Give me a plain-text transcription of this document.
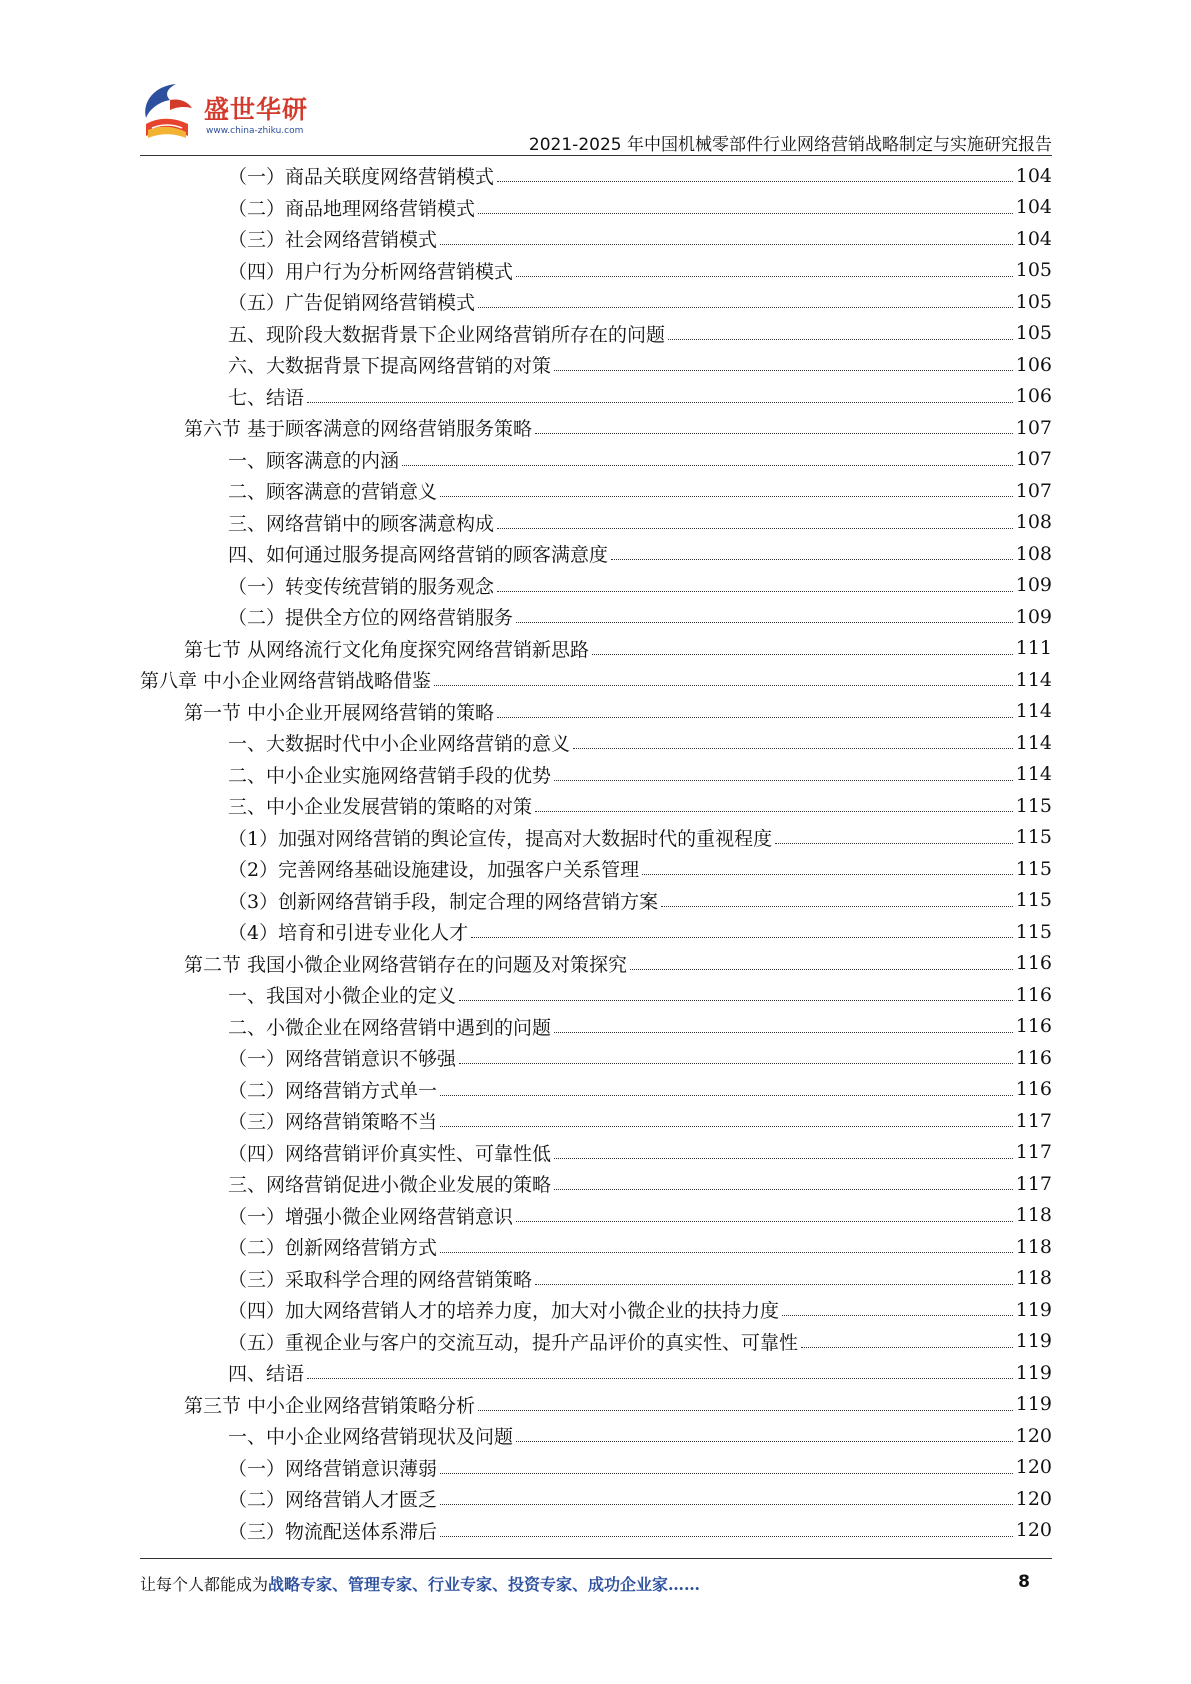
盛世华研
www.china-zhiku.com
2021-2025 年中国机械零部件行业网络营销战略制定与实施研究报告
（一）商品关联度网络营销模式	104
（二）商品地理网络营销模式	104
（三）社会网络营销模式	104
（四）用户行为分析网络营销模式	105
（五）广告促销网络营销模式	105
五、现阶段大数据背景下企业网络营销所存在的问题	105
六、大数据背景下提高网络营销的对策	106
七、结语	106
第六节 基于顾客满意的网络营销服务策略	107
一、顾客满意的内涵	107
二、顾客满意的营销意义	107
三、网络营销中的顾客满意构成	108
四、如何通过服务提高网络营销的顾客满意度	108
（一）转变传统营销的服务观念	109
（二）提供全方位的网络营销服务	109
第七节 从网络流行文化角度探究网络营销新思路	111
第八章 中小企业网络营销战略借鉴	114
第一节 中小企业开展网络营销的策略	114
一、大数据时代中小企业网络营销的意义	114
二、中小企业实施网络营销手段的优势	114
三、中小企业发展营销的策略的对策	115
（1）加强对网络营销的舆论宣传，提高对大数据时代的重视程度	115
（2）完善网络基础设施建设，加强客户关系管理	115
（3）创新网络营销手段，制定合理的网络营销方案	115
（4）培育和引进专业化人才	115
第二节 我国小微企业网络营销存在的问题及对策探究	116
一、我国对小微企业的定义	116
二、小微企业在网络营销中遇到的问题	116
（一）网络营销意识不够强	116
（二）网络营销方式单一	116
（三）网络营销策略不当	117
（四）网络营销评价真实性、可靠性低	117
三、网络营销促进小微企业发展的策略	117
（一）增强小微企业网络营销意识	118
（二）创新网络营销方式	118
（三）采取科学合理的网络营销策略	118
（四）加大网络营销人才的培养力度，加大对小微企业的扶持力度	119
（五）重视企业与客户的交流互动，提升产品评价的真实性、可靠性	119
四、结语	119
第三节 中小企业网络营销策略分析	119
一、中小企业网络营销现状及问题	120
（一）网络营销意识薄弱	120
（二）网络营销人才匮乏	120
（三）物流配送体系滞后	120
让每个人都能成为战略专家、管理专家、行业专家、投资专家、成功企业家……	8
